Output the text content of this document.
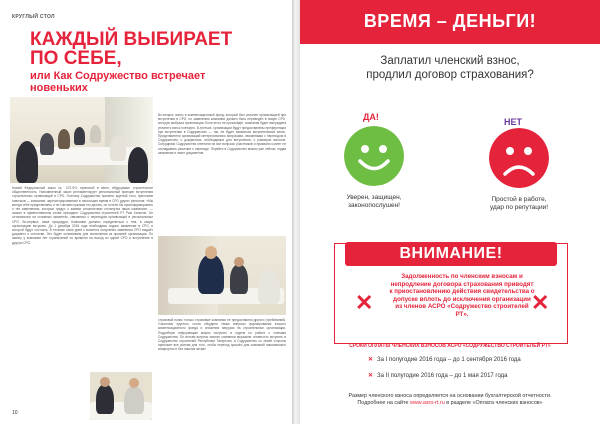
КРУГЛЫЙ СТОЛ
КАЖДЫЙ ВЫБИРАЕТ
ПО СЕБЕ,
или Как Содружество встречает новеньких

Новый Федеральный закон № 372-ФЗ, принятый в июле, вбудоражил строительное общественность. Новоявленный закон регламентирует региональный принцип вступления строительных организаций в СРО. Поэтому Содружество провело круглый стол, пригласив новичков — компании, зарегистрированные в настоящее время в СРО других регионов. «Мы всегда себе представляем, и не считаем нужным это делать, но хотели бы проинформировать о тех изменениях, которые грядут, с какими сложностями столкнутся наши компании», — сказал в приветственном слове президент Содружества строителей РТ Рим Халитов. Он остановился на основных моментах, связанных с переходом организаций в региональные СРО. Во-первых, сама процедура. Компании должны определиться с тем, в какую организацию вступать. До 1 декабря 2016 года необходимо подать заявление в СРО, в которой будут состоять. В течение семи дней с момента получения заявления СРО выдаёт документ о членстве. Это будет основанием для исключения из прежней организации. По закону у компании нет ограничений по времени на выход из одной СРО и вступление в другую СРО.

Во-вторых, взнос в компенсационный фонд, который был уплачен организацией при вступлении в СРО, по заявлению компании должен быть переведён в новую СРО, которую выбрала организация. Если этого не произойдёт, компания будет вынуждена уплатить взнос повторно. В-третьих, организации будут предоставлены преференции при вступлении в Содружество — так, не будет взиматься вступительный взнос. Представители организаций интересовались вопросами, связанными с переходом в Содружество, о документах, необходимых для вступления, о размерах взносов. Сотрудники Содружества ответили на все вопросы участников и призвали коллег не откладывать решение о переходе. Перейти в Содружество можно уже сейчас, подав заявление и пакет документов.

страховой полис только страховые компании не предоставили другого (требований). Участники круглого стола обсудили также вопросы формирования второго компенсационного фонда и снижения нагрузки на строительные организации. Подробную информацию можно получить в отделе по работе с членами Содружества. По итогам встречи многие компании выразили готовность вступить в Содружество строителей Республики Татарстан, а Содружество со своей стороны приложит все усилия для того, чтобы переход прошёл для компаний максимально комфортно и без лишних затрат.

10
ВРЕМЯ – ДЕНЬГИ!
Заплатил членский взнос,
продлил договор страхования?
ДА!	НЕТ
Уверен, защищен,
законопослушен!
Простой в работе,
удар по репутации!
ВНИМАНИЕ!
✕	✕
Задолженность по членским взносам и непродление договора страхования приводят к приостановлению действия свидетельства о допуске вплоть до исключения организации из членов АСРО «Содружество строителей РТ».
СРОКИ ОПЛАТЫ ЧЛЕНСКИХ ВЗНОСОВ АСРО «СОДРУЖЕСТВО СТРОИТЕЛЕЙ РТ»
✕ За I полугодие 2016 года – до 1 сентября 2016 года
✕ За II полугодие 2016 года – до 1 мая 2017 года
Размер членского взноса определяется на основании бухгалтерской отчетности.
Подробнее на сайте www.asro-rt.ru в разделе «Оплата членских взносов»
